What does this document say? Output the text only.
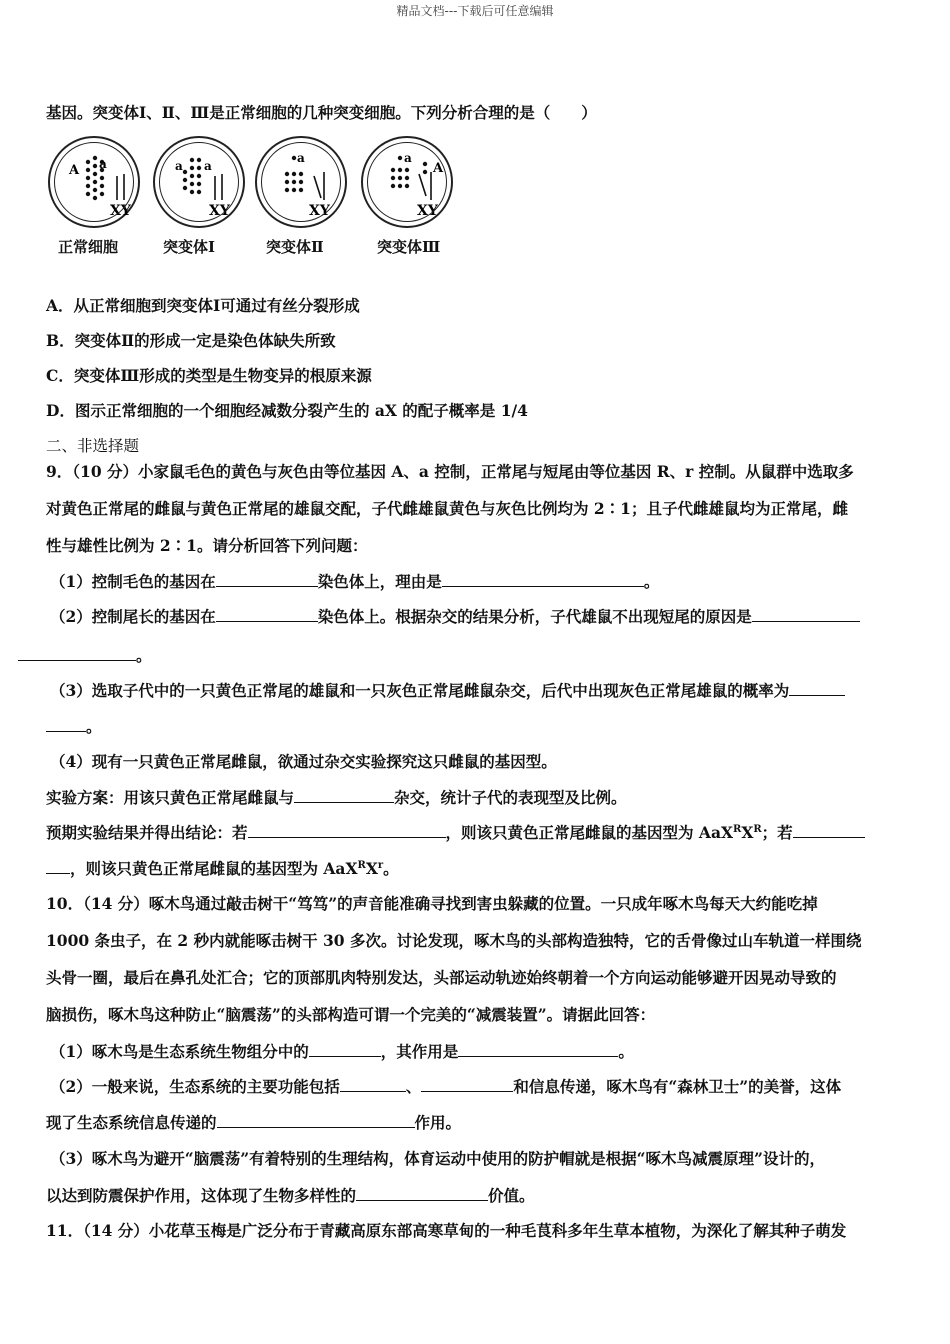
精品文档---下载后可任意编辑
基因。突变体Ⅰ、Ⅱ、Ⅲ是正常细胞的几种突变细胞。下列分析合理的是（　　）
A a
XY
正常细胞
a a
XY
突变体Ⅰ
a
XY
突变体Ⅱ
a
A
XY
突变体Ⅲ
A．从正常细胞到突变体Ⅰ可通过有丝分裂形成
B．突变体Ⅱ的形成一定是染色体缺失所致
C．突变体Ⅲ形成的类型是生物变异的根原来源
D．图示正常细胞的一个细胞经减数分裂产生的 aX 的配子概率是 1/4
二、非选择题
9．（10 分）小家鼠毛色的黄色与灰色由等位基因 A、a 控制，正常尾与短尾由等位基因 R、r 控制。从鼠群中选取多
对黄色正常尾的雌鼠与黄色正常尾的雄鼠交配，子代雌雄鼠黄色与灰色比例均为 2∶1；且子代雌雄鼠均为正常尾，雌
性与雄性比例为 2∶1。请分析回答下列问题：
（1）控制毛色的基因在	染色体上，理由是	。
（2）控制尾长的基因在	染色体上。根据杂交的结果分析，子代雄鼠不出现短尾的原因是
。
（3）选取子代中的一只黄色正常尾的雄鼠和一只灰色正常尾雌鼠杂交，后代中出现灰色正常尾雄鼠的概率为
。
（4）现有一只黄色正常尾雌鼠，欲通过杂交实验探究这只雌鼠的基因型。
实验方案：用该只黄色正常尾雌鼠与	杂交，统计子代的表现型及比例。
预期实验结果并得出结论：若	，则该只黄色正常尾雌鼠的基因型为 $AaX^RX^R$；若
，则该只黄色正常尾雌鼠的基因型为 $AaX^RX^r$。
10．（14 分）啄木鸟通过敲击树干“笃笃”的声音能准确寻找到害虫躲藏的位置。一只成年啄木鸟每天大约能吃掉
1000 条虫子，在 2 秒内就能啄击树干 30 多次。讨论发现，啄木鸟的头部构造独特，它的舌骨像过山车轨道一样围绕
头骨一圈，最后在鼻孔处汇合；它的顶部肌肉特别发达，头部运动轨迹始终朝着一个方向运动能够避开因晃动导致的
脑损伤，啄木鸟这种防止“脑震荡”的头部构造可谓一个完美的“减震装置”。请据此回答：
（1）啄木鸟是生态系统生物组分中的	，其作用是	。
（2）一般来说，生态系统的主要功能包括	、	和信息传递，啄木鸟有“森林卫士”的美誉，这体
现了生态系统信息传递的	作用。
（3）啄木鸟为避开“脑震荡”有着特别的生理结构，体育运动中使用的防护帽就是根据“啄木鸟减震原理”设计的，
以达到防震保护作用，这体现了生物多样性的	价值。
11．（14 分）小花草玉梅是广泛分布于青藏高原东部高寒草甸的一种毛茛科多年生草本植物，为深化了解其种子萌发
